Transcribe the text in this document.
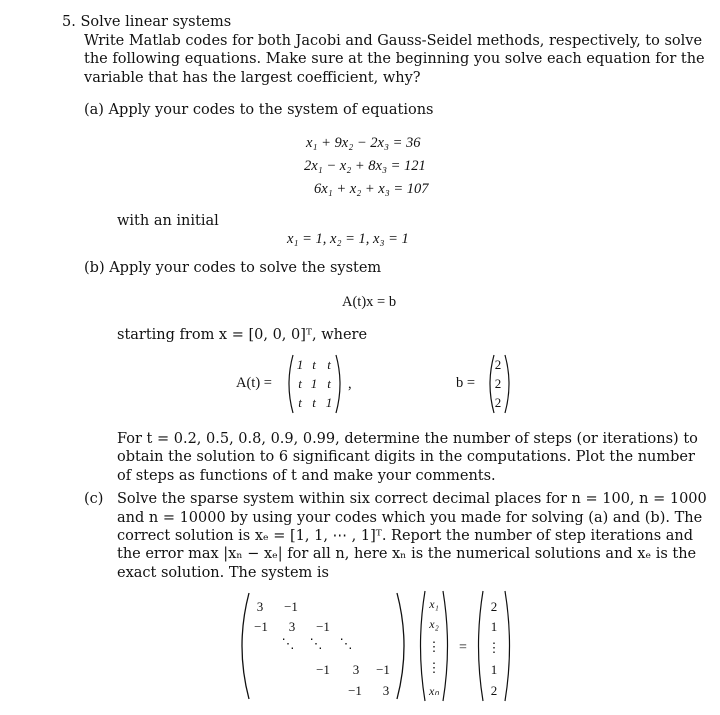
5. Solve linear systems
Write Matlab codes for both Jacobi and Gauss-Seidel methods, respectively, to solve
the following equations. Make sure at the beginning you solve each equation for the
variable that has the largest coefficient, why?
(a) Apply your codes to the system of equations
x₁ + 9x₂ − 2x₃ = 36
2x₁ − x₂ + 8x₃ = 121
6x₁ + x₂ + x₃ = 107
with an initial
x₁ = 1, x₂ = 1, x₃ = 1
(b) Apply your codes to solve the system
A(t)x = b
starting from x = [0, 0, 0]ᵀ, where
A(t) =
1 t t
t 1 t
t t 1
,	b =
2
2
2
For t = 0.2, 0.5, 0.8, 0.9, 0.99, determine the number of steps (or iterations) to
obtain the solution to 6 significant digits in the computations. Plot the number
of steps as functions of t and make your comments.
(c) Solve the sparse system within six correct decimal places for n = 100, n = 1000
and n = 10000 by using your codes which you made for solving (a) and (b). The
correct solution is xₑ = [1, 1, ⋯ , 1]ᵀ. Report the number of step iterations and
the error max |xₙ − xₑ| for all n, here xₙ is the numerical solutions and xₑ is the
exact solution. The system is
3	−1
−1	3	−1
⋱ ⋱ ⋱
−1	3	−1
−1	3
x₁
x₂
⋮
⋮
xₙ
=
2
1
⋮
1
2
